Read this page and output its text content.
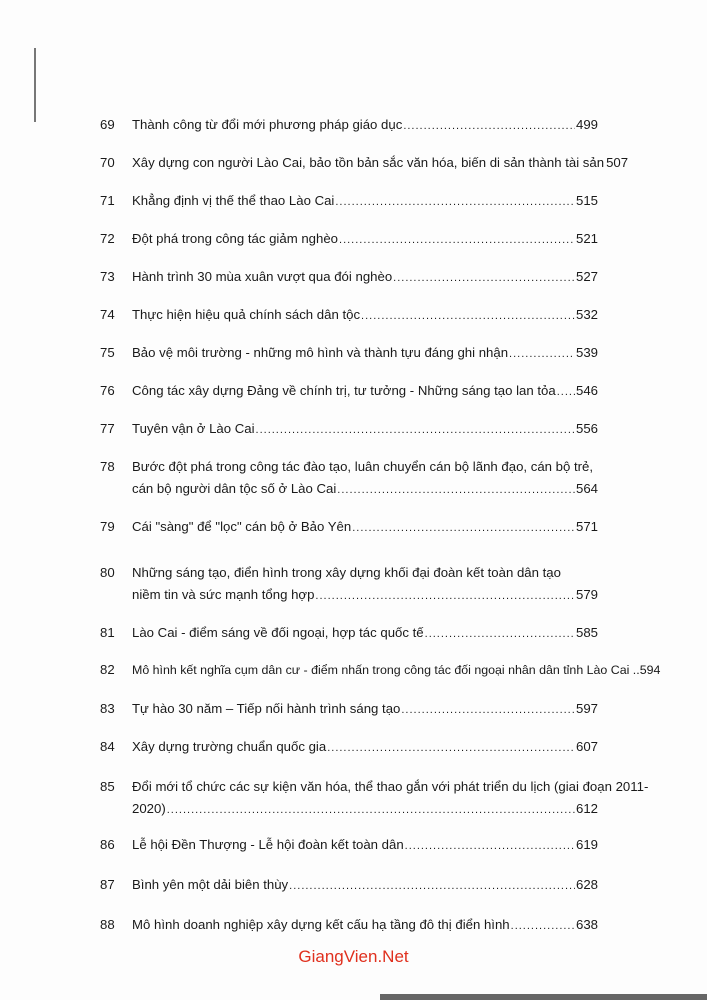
69	Thành công từ đổi mới phương pháp giáo dục .....	499
70	Xây dựng con người Lào Cai, bảo tồn bản sắc văn hóa, biến di sản thành tài sản 507
71	Khẳng định vị thế thể thao Lào Cai .....	515
72	Đột phá trong công tác giảm nghèo .....	521
73	Hành trình 30 mùa xuân vượt qua đói nghèo .....	527
74	Thực hiện hiệu quả chính sách dân tộc .....	532
75	Bảo vệ môi trường - những mô hình và thành tựu đáng ghi nhận .....	539
76	Công tác xây dựng Đảng về chính trị, tư tưởng - Những sáng tạo lan tỏa ..... 546
77	Tuyên vận ở Lào Cai .....	556
78	Bước đột phá trong công tác đào tạo, luân chuyển cán bộ lãnh đạo, cán bộ trẻ,
cán bộ người dân tộc số ở Lào Cai .....	564
79	Cái "sàng" để "lọc" cán bộ ở Bảo Yên .....	571
80	Những sáng tạo, điển hình trong xây dựng khối đại đoàn kết toàn dân tạo
niềm tin và sức mạnh tổng hợp .....	579
81	Lào Cai - điểm sáng về đối ngoại, hợp tác quốc tế .....	585
82	Mô hình kết nghĩa cụm dân cư - điểm nhấn trong công tác đối ngoại nhân dân tỉnh Lào Cai .. 594
83	Tự hào 30 năm – Tiếp nối hành trình sáng tạo .....	597
84	Xây dựng trường chuẩn quốc gia .....	607
85	Đổi mới tổ chức các sự kiện văn hóa, thể thao gắn với phát triển du lịch (giai đoạn 2011-
2020) .....	612
86	Lễ hội Đền Thượng - Lễ hội đoàn kết toàn dân .....	619
87	Bình yên một dải biên thùy .....	628
88	Mô hình doanh nghiệp xây dựng kết cấu hạ tầng đô thị điển hình .....	638
GiangVien.Net
